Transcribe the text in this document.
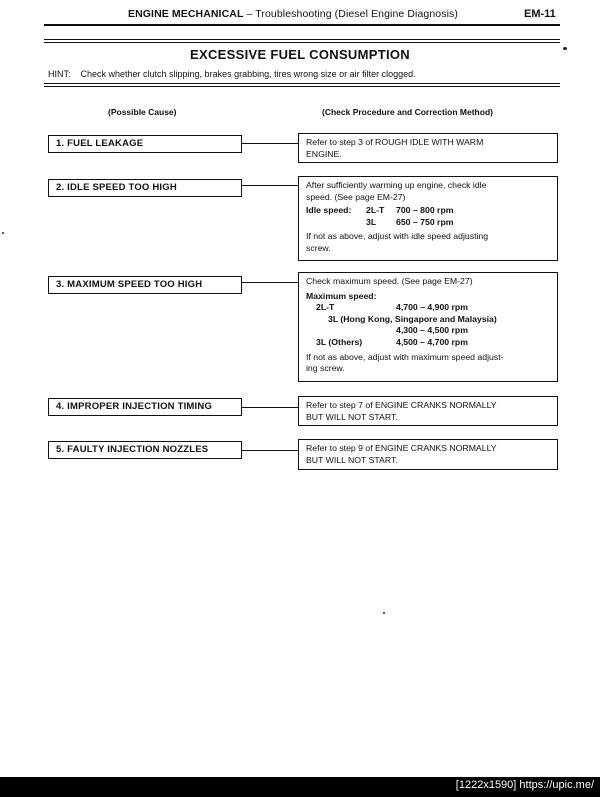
ENGINE MECHANICAL – Troubleshooting (Diesel Engine Diagnosis)	EM-11
EXCESSIVE FUEL CONSUMPTION
HINT: Check whether clutch slipping, brakes grabbing, tires wrong size or air filter clogged.
(Possible Cause)	(Check Procedure and Correction Method)
1. FUEL LEAKAGE	Refer to step 3 of ROUGH IDLE WITH WARM
ENGINE.
2. IDLE SPEED TOO HIGH	After sufficiently warming up engine, check idle
speed. (See page EM-27)
Idle speed:	2L-T	700 – 800 rpm
3L	650 – 750 rpm
If not as above, adjust with idle speed adjusting
screw.
3. MAXIMUM SPEED TOO HIGH	Check maximum speed. (See page EM-27)
Maximum speed:
2L-T	4,700 – 4,900 rpm
3L (Hong Kong, Singapore and Malaysia)
4,300 – 4,500 rpm
3L (Others)	4,500 – 4,700 rpm
If not as above, adjust with maximum speed adjust-
ing screw.
4. IMPROPER INJECTION TIMING	Refer to step 7 of ENGINE CRANKS NORMALLY
BUT WILL NOT START.
5. FAULTY INJECTION NOZZLES	Refer to step 9 of ENGINE CRANKS NORMALLY
BUT WILL NOT START.
[1222x1590] https://upic.me/
